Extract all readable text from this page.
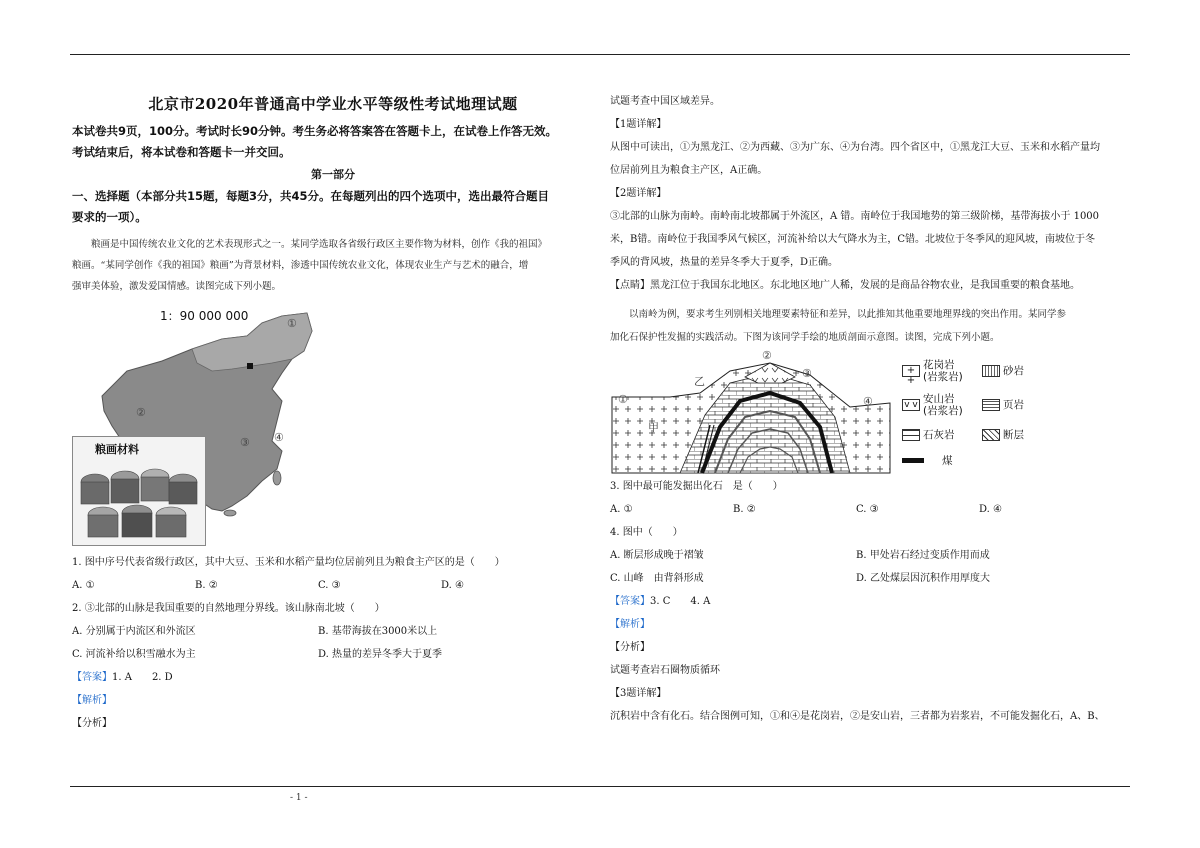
北京市2020年普通高中学业水平等级性考试地理试题
本试卷共9页，100分。考试时长90分钟。考生务必将答案答在答题卡上，在试卷上作答无效。
考试结束后，将本试卷和答题卡一并交回。
第一部分
一、选择题（本部分共15题，每题3分，共45分。在每题列出的四个选项中，选出最符合题目
要求的一项）。
粮画是中国传统农业文化的艺术表现形式之一。某同学选取各省级行政区主要作物为材料，创作《我的祖国》
粮画。“某同学创作《我的祖国》粮画”为背景材料，渗透中国传统农业文化，体现农业生产与艺术的融合，增
强审美体验，激发爱国情感。读图完成下列小题。
1：90 000 000
①
②
③ ④
粮画材料
1. 图中序号代表省级行政区，其中大豆、玉米和水稻产量均位居前列且为粮食主产区的是（　　）
A. ①	B. ②	C. ③	D. ④
2. ③北部的山脉是我国重要的自然地理分界线。该山脉南北坡（　　）
A. 分别属于内流区和外流区	B. 基带海拔在3000米以上
C. 河流补给以积雪融水为主	D. 热量的差异冬季大于夏季
【答案】1. A　　2. D
【解析】
【分析】
试题考查中国区域差异。
【1题详解】
从图中可读出，①为黑龙江、②为西藏、③为广东、④为台湾。四个省区中，①黑龙江大豆、玉米和水稻产量均
位居前列且为粮食主产区，A正确。
【2题详解】
③北部的山脉为南岭。南岭南北坡都属于外流区，A 错。南岭位于我国地势的第三级阶梯，基带海拔小于 1000
米，B错。南岭位于我国季风气候区，河流补给以大气降水为主，C错。北坡位于冬季风的迎风坡，南坡位于冬
季风的背风坡，热量的差异冬季大于夏季，D正确。
【点睛】黑龙江位于我国东北地区。东北地区地广人稀，发展的是商品谷物农业，是我国重要的粮食基地。
以南岭为例，要求考生列别相关地理要素特征和差异，以此推知其他重要地理界线的突出作用。某同学参
加化石保护性发掘的实践活动。下图为该同学手绘的地质剖面示意图。读图，完成下列小题。
①
②
③
④
乙
甲
+ +
花岗岩
(岩浆岩)	砂岩
v v 安山岩
(岩浆岩)	页岩
石灰岩	断层
煤
3. 图中最可能发掘出化石　是（　　）
A. ①	B. ②	C. ③	D. ④
4. 图中（　　）
A. 断层形成晚于褶皱	B. 甲处岩石经过变质作用而成
C. 山峰　由背斜形成	D. 乙处煤层因沉积作用厚度大
【答案】3. C　　4. A
【解析】
【分析】
试题考查岩石圈物质循环
【3题详解】
沉积岩中含有化石。结合图例可知，①和④是花岗岩，②是安山岩，三者都为岩浆岩，不可能发掘化石，A、B、
- 1 -
